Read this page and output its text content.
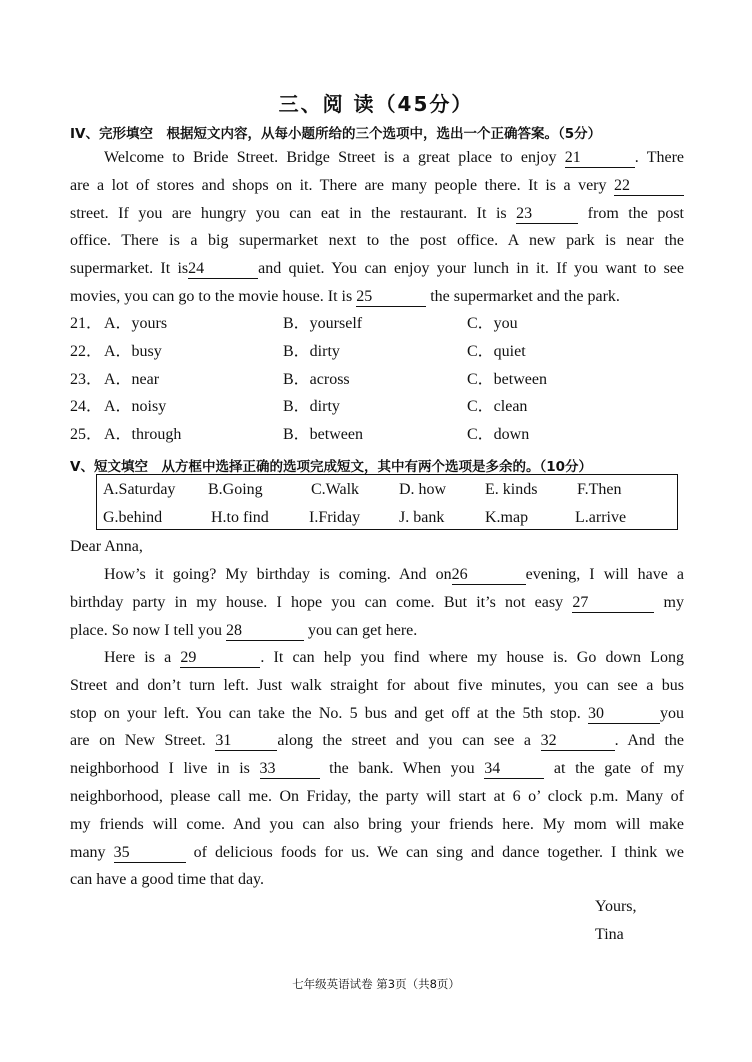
三、阅 读（45分）
IV、完形填空　根据短文内容，从每小题所给的三个选项中，选出一个正确答案。（5分）
Welcome to Bride Street. Bridge Street is a great place to enjoy 21	. There
are a lot of stores and shops on it. There are many people there. It is a very 22
street. If you are hungry you can eat in the restaurant. It is 23	from the post
office. There is a big supermarket next to the post office. A new park is near the
supermarket. It is24	and quiet. You can enjoy your lunch in it. If you want to see
movies, you can go to the movie house. It is 25	the supermarket and the park.
21． A．yours	B．yourself	C．you
22． A．busy	B．dirty	C．quiet
23． A．near	B．across	C．between
24． A．noisy	B．dirty	C．clean
25． A．through	B．between	C．down
V、短文填空　从方框中选择正确的选项完成短文，其中有两个选项是多余的。（10分）
A.Saturday B.Going	C.Walk D. how E. kinds F.Then
G.behind	H.to find	I.Friday J. bank	K.map	L.arrive
Dear Anna,
How’s it going? My birthday is coming. And on26	evening, I will have a
birthday party in my house. I hope you can come. But it’s not easy 27	my
place. So now I tell you 28	you can get here.
Here is a 29	. It can help you find where my house is. Go down Long
Street and don’t turn left. Just walk straight for about five minutes, you can see a bus
stop on your left. You can take the No. 5 bus and get off at the 5th stop. 30	you
are on New Street. 31	along the street and you can see a 32	. And the
neighborhood I live in is 33	the bank. When you 34	at the gate of my
neighborhood, please call me. On Friday, the party will start at 6 o’ clock p.m. Many of
my friends will come. And you can also bring your friends here. My mom will make
many 35	of delicious foods for us. We can sing and dance together. I think we
can have a good time that day.
Yours,
Tina
七年级英语试卷 第3页（共8页）
